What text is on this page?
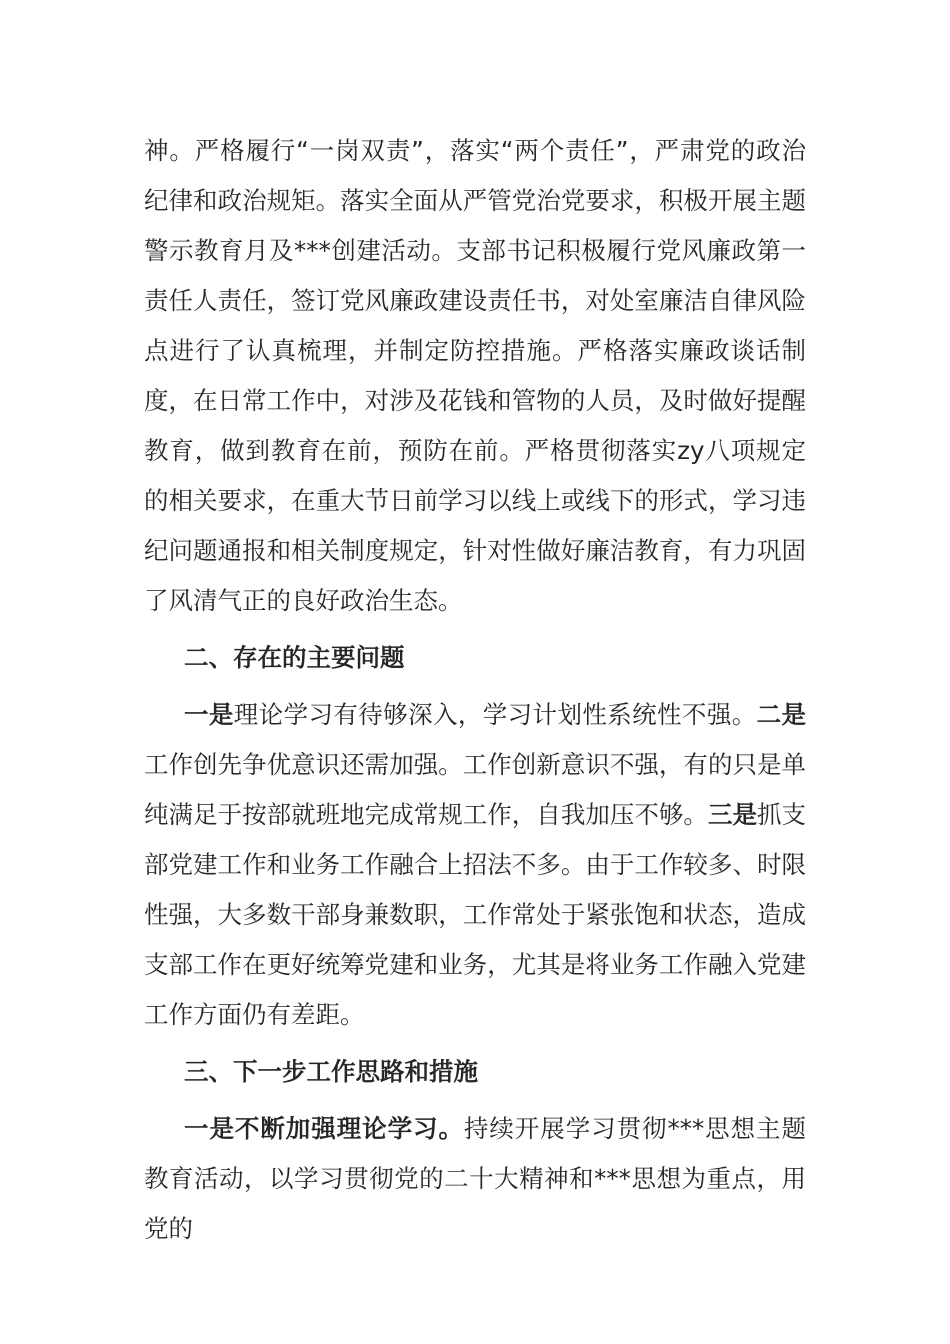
神。严格履行“一岗双责”，落实“两个责任”，严肃党的政治纪律和政治规矩。落实全面从严管党治党要求，积极开展主题警示教育月及***创建活动。支部书记积极履行党风廉政第一责任人责任，签订党风廉政建设责任书，对处室廉洁自律风险点进行了认真梳理，并制定防控措施。严格落实廉政谈话制度，在日常工作中，对涉及花钱和管物的人员，及时做好提醒教育，做到教育在前，预防在前。严格贯彻落实zy八项规定的相关要求，在重大节日前学习以线上或线下的形式，学习违纪问题通报和相关制度规定，针对性做好廉洁教育，有力巩固了风清气正的良好政治生态。

二、存在的主要问题

一是理论学习有待够深入，学习计划性系统性不强。二是工作创先争优意识还需加强。工作创新意识不强，有的只是单纯满足于按部就班地完成常规工作，自我加压不够。三是抓支部党建工作和业务工作融合上招法不多。由于工作较多、时限性强，大多数干部身兼数职，工作常处于紧张饱和状态，造成支部工作在更好统筹党建和业务，尤其是将业务工作融入党建工作方面仍有差距。

三、下一步工作思路和措施

一是不断加强理论学习。持续开展学习贯彻***思想主题教育活动，以学习贯彻党的二十大精神和***思想为重点，用党的
